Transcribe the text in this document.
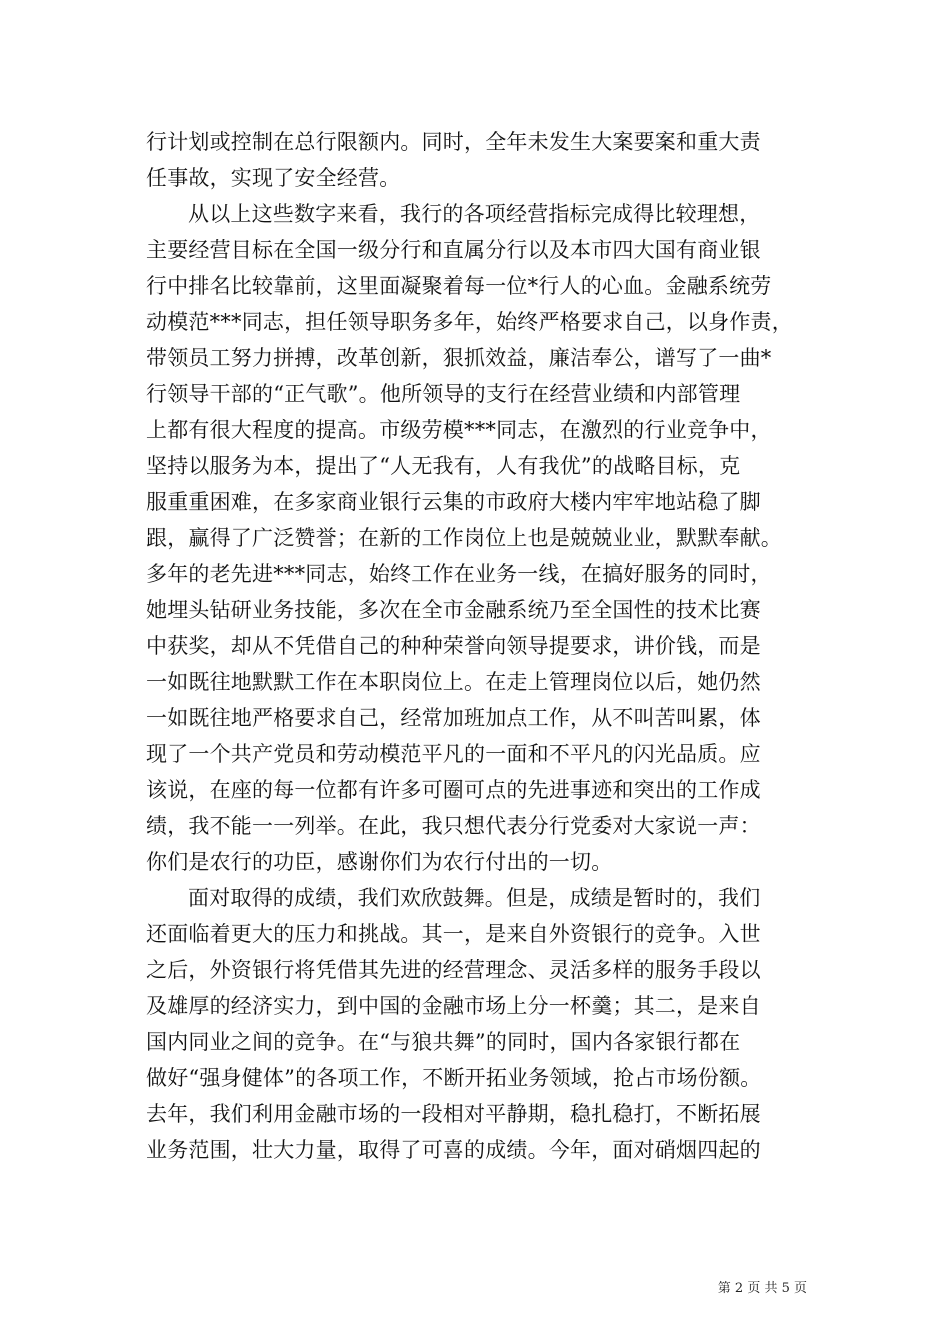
行计划或控制在总行限额内。同时，全年未发生大案要案和重大责
任事故，实现了安全经营。
从以上这些数字来看，我行的各项经营指标完成得比较理想，
主要经营目标在全国一级分行和直属分行以及本市四大国有商业银
行中排名比较靠前，这里面凝聚着每一位*行人的心血。金融系统劳
动模范***同志，担任领导职务多年，始终严格要求自己，以身作责，
带领员工努力拼搏，改革创新，狠抓效益，廉洁奉公，谱写了一曲*
行领导干部的“正气歌”。他所领导的支行在经营业绩和内部管理
上都有很大程度的提高。市级劳模***同志，在激烈的行业竞争中，
坚持以服务为本，提出了“人无我有，人有我优”的战略目标，克
服重重困难，在多家商业银行云集的市政府大楼内牢牢地站稳了脚
跟，赢得了广泛赞誉；在新的工作岗位上也是兢兢业业，默默奉献。
多年的老先进***同志，始终工作在业务一线，在搞好服务的同时，
她埋头钻研业务技能，多次在全市金融系统乃至全国性的技术比赛
中获奖，却从不凭借自己的种种荣誉向领导提要求，讲价钱，而是
一如既往地默默工作在本职岗位上。在走上管理岗位以后，她仍然
一如既往地严格要求自己，经常加班加点工作，从不叫苦叫累，体
现了一个共产党员和劳动模范平凡的一面和不平凡的闪光品质。应
该说，在座的每一位都有许多可圈可点的先进事迹和突出的工作成
绩，我不能一一列举。在此，我只想代表分行党委对大家说一声：
你们是农行的功臣，感谢你们为农行付出的一切。
面对取得的成绩，我们欢欣鼓舞。但是，成绩是暂时的，我们
还面临着更大的压力和挑战。其一，是来自外资银行的竞争。入世
之后，外资银行将凭借其先进的经营理念、灵活多样的服务手段以
及雄厚的经济实力，到中国的金融市场上分一杯羹；其二，是来自
国内同业之间的竞争。在“与狼共舞”的同时，国内各家银行都在
做好“强身健体”的各项工作，不断开拓业务领域，抢占市场份额。
去年，我们利用金融市场的一段相对平静期，稳扎稳打，不断拓展
业务范围，壮大力量，取得了可喜的成绩。今年，面对硝烟四起的
第 2 页 共 5 页
